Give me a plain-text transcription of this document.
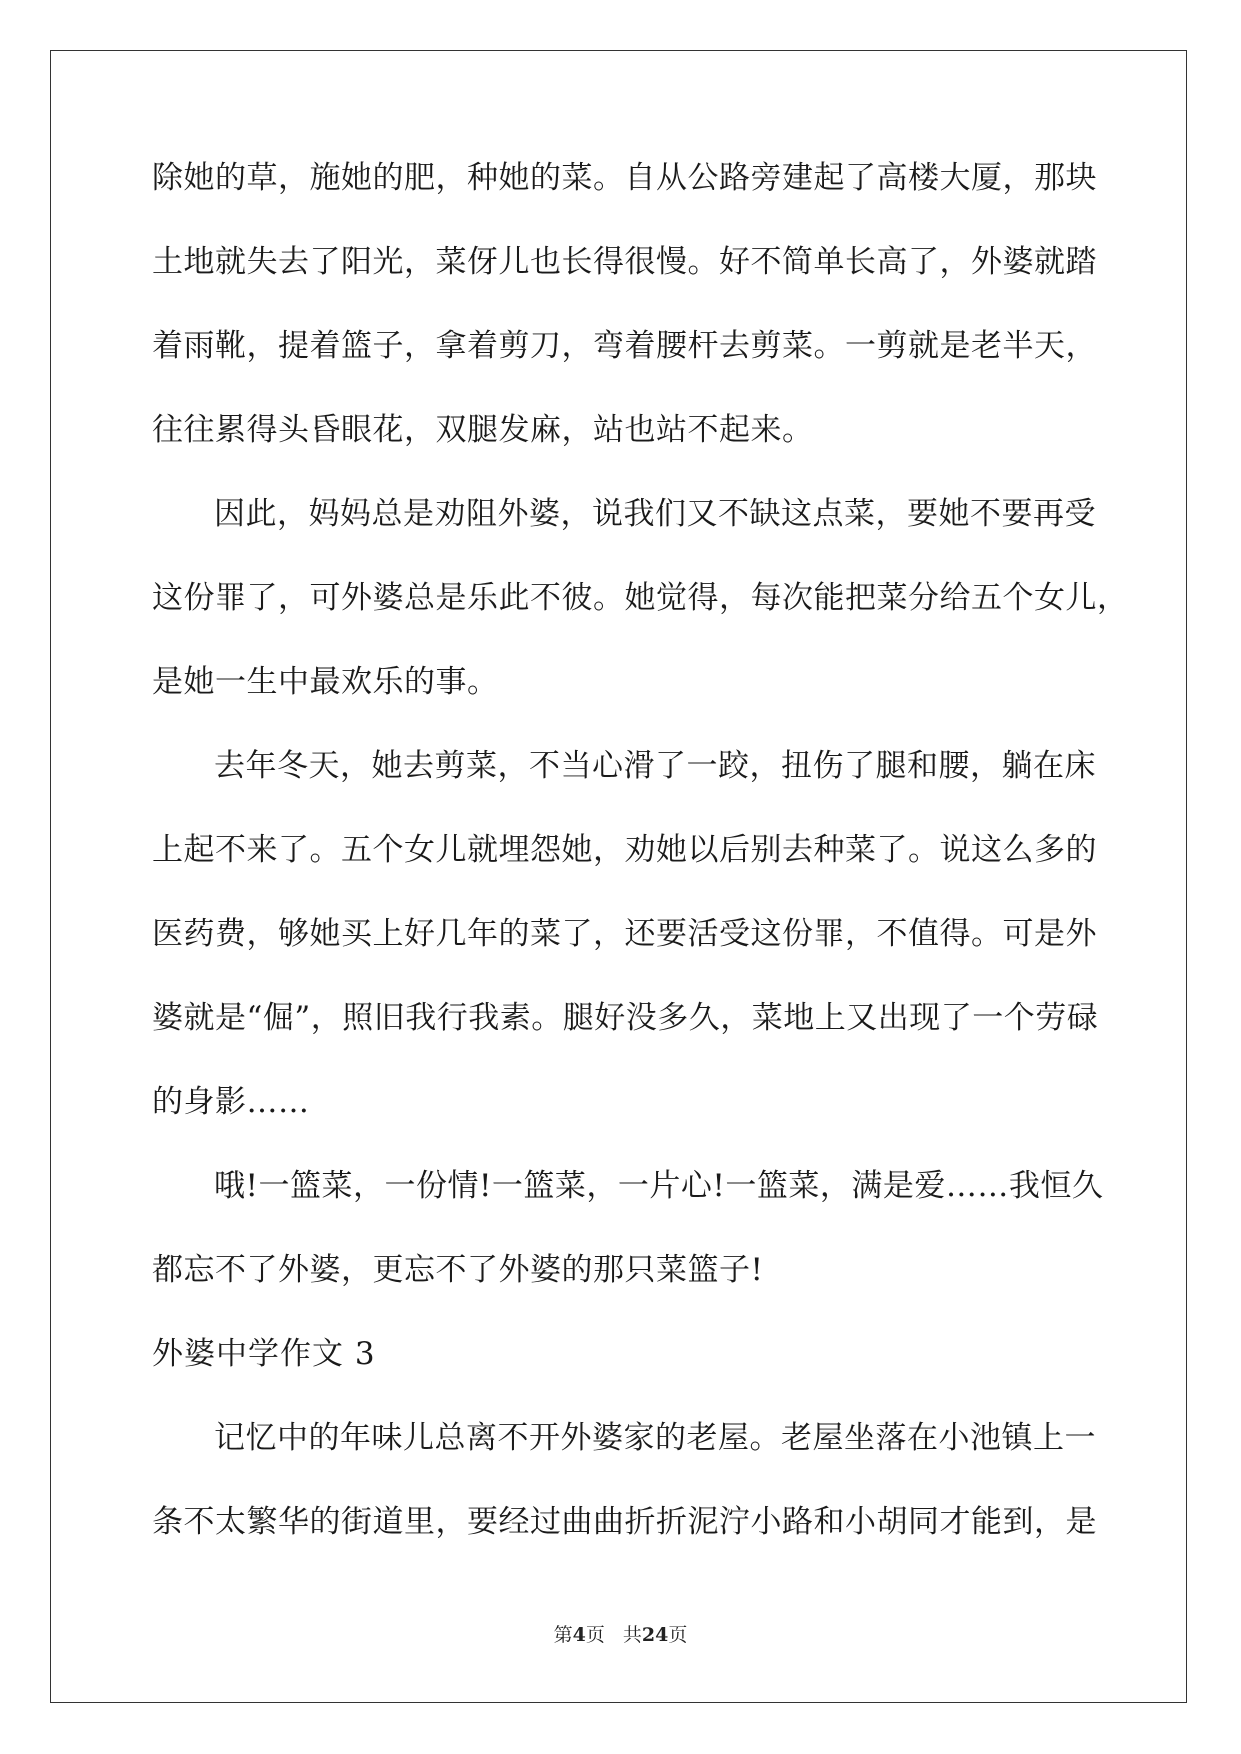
除她的草，施她的肥，种她的菜。自从公路旁建起了高楼大厦，那块
土地就失去了阳光，菜伢儿也长得很慢。好不简单长高了，外婆就踏
着雨靴，提着篮子，拿着剪刀，弯着腰杆去剪菜。一剪就是老半天，
往往累得头昏眼花，双腿发麻，站也站不起来。
因此，妈妈总是劝阻外婆，说我们又不缺这点菜，要她不要再受
这份罪了，可外婆总是乐此不彼。她觉得，每次能把菜分给五个女儿，
是她一生中最欢乐的事。
去年冬天，她去剪菜，不当心滑了一跤，扭伤了腿和腰，躺在床
上起不来了。五个女儿就埋怨她，劝她以后别去种菜了。说这么多的
医药费，够她买上好几年的菜了，还要活受这份罪，不值得。可是外
婆就是“倔”，照旧我行我素。腿好没多久，菜地上又出现了一个劳碌
的身影……
哦!一篮菜，一份情!一篮菜，一片心!一篮菜，满是爱……我恒久
都忘不了外婆，更忘不了外婆的那只菜篮子!
外婆中学作文 3
记忆中的年味儿总离不开外婆家的老屋。老屋坐落在小池镇上一
条不太繁华的街道里，要经过曲曲折折泥泞小路和小胡同才能到，是
第4页 共24页
